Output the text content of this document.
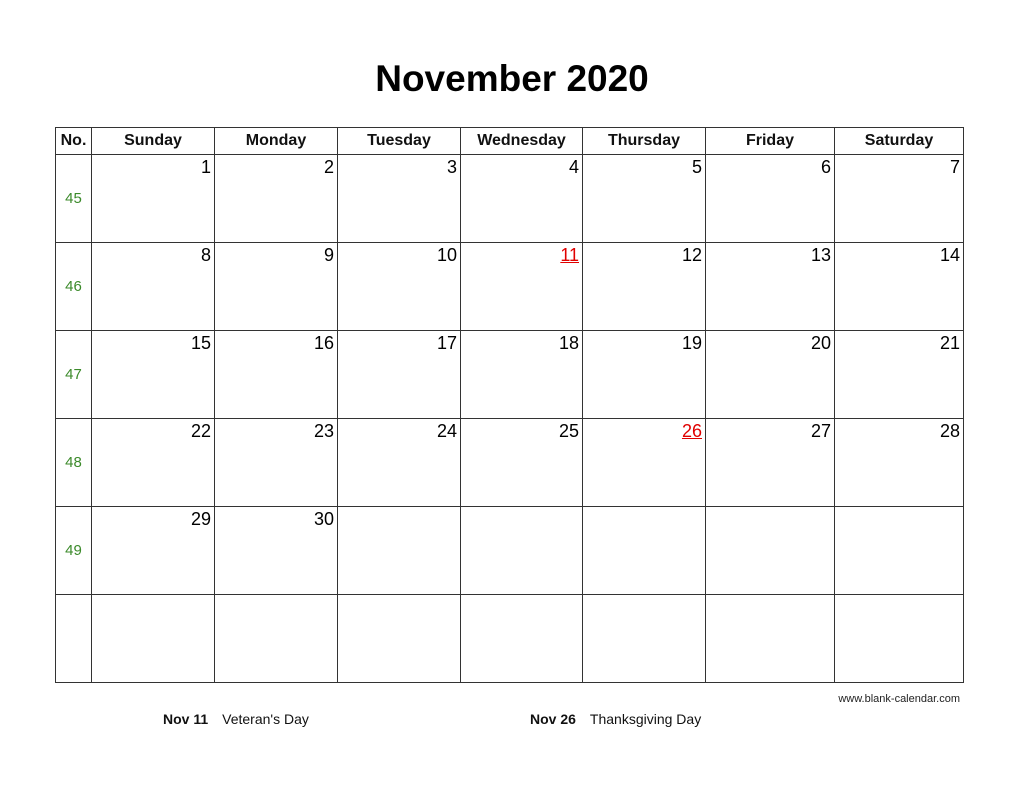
November 2020
No.	Sunday	Monday	Tuesday	Wednesday	Thursday	Friday	Saturday

45	1	2	3	4	5	6	7

46	8	9	10	11	12	13	14

47	15	16	17	18	19	20	21

48	22	23	24	25	26	27	28

49	29	30					

www.blank-calendar.com
Nov 11 Veteran's Day	Nov 26 Thanksgiving Day
